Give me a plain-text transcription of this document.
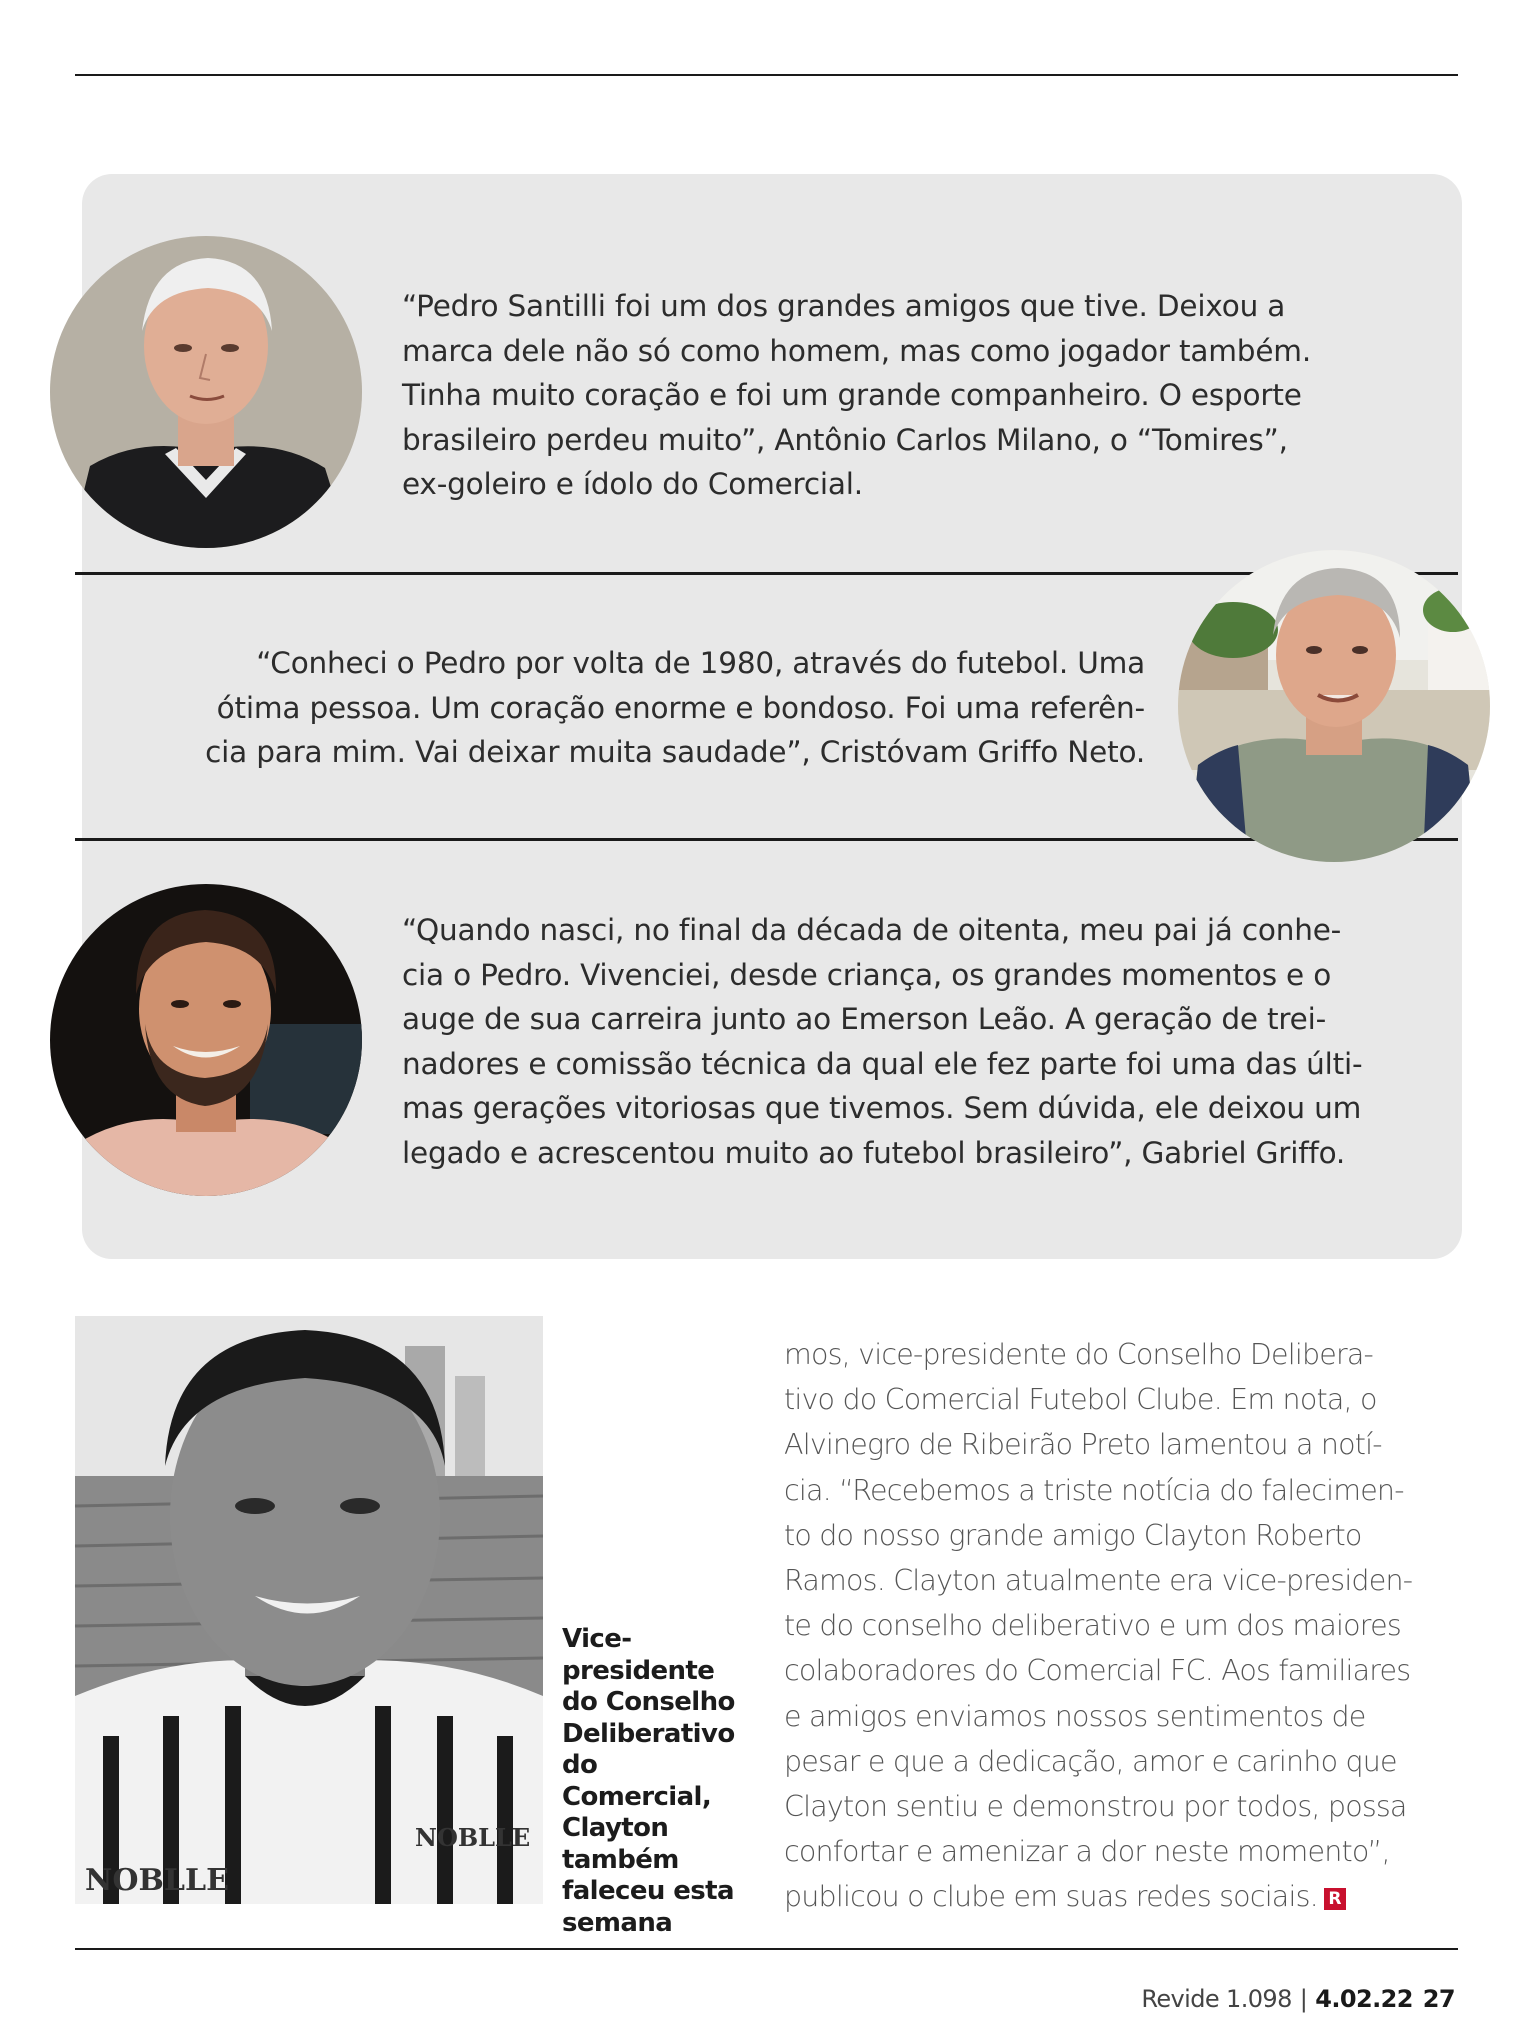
“Pedro Santilli foi um dos grandes amigos que tive. Deixou a
marca dele não só como homem, mas como jogador também.
Tinha muito coração e foi um grande companheiro. O esporte
brasileiro perdeu muito”, Antônio Carlos Milano, o “Tomires”,
ex-goleiro e ídolo do Comercial.
“Conheci o Pedro por volta de 1980, através do futebol. Uma
ótima pessoa. Um coração enorme e bondoso. Foi uma referên-
cia para mim. Vai deixar muita saudade”, Cristóvam Griffo Neto.
“Quando nasci, no final da década de oitenta, meu pai já conhe-
cia o Pedro. Vivenciei, desde criança, os grandes momentos e o
auge de sua carreira junto ao Emerson Leão. A geração de trei-
nadores e comissão técnica da qual ele fez parte foi uma das últi-
mas gerações vitoriosas que tivemos. Sem dúvida, ele deixou um
legado e acrescentou muito ao futebol brasileiro”, Gabriel Griffo.
NOBLLE
NOBLLE
Vice-
presidente
do Conselho
Deliberativo
do Comercial,
Clayton
também
faleceu esta
semana
mos, vice-presidente do Conselho Delibera-
tivo do Comercial Futebol Clube. Em nota, o
Alvinegro de Ribeirão Preto lamentou a notí-
cia. “Recebemos a triste notícia do falecimen-
to do nosso grande amigo Clayton Roberto
Ramos. Clayton atualmente era vice-presiden-
te do conselho deliberativo e um dos maiores
colaboradores do Comercial FC. Aos familiares
e amigos enviamos nossos sentimentos de
pesar e que a dedicação, amor e carinho que
Clayton sentiu e demonstrou por todos, possa
confortar e amenizar a dor neste momento”,
publicou o clube em suas redes sociais. R
Revide 1.098 | 4.02.22 27
